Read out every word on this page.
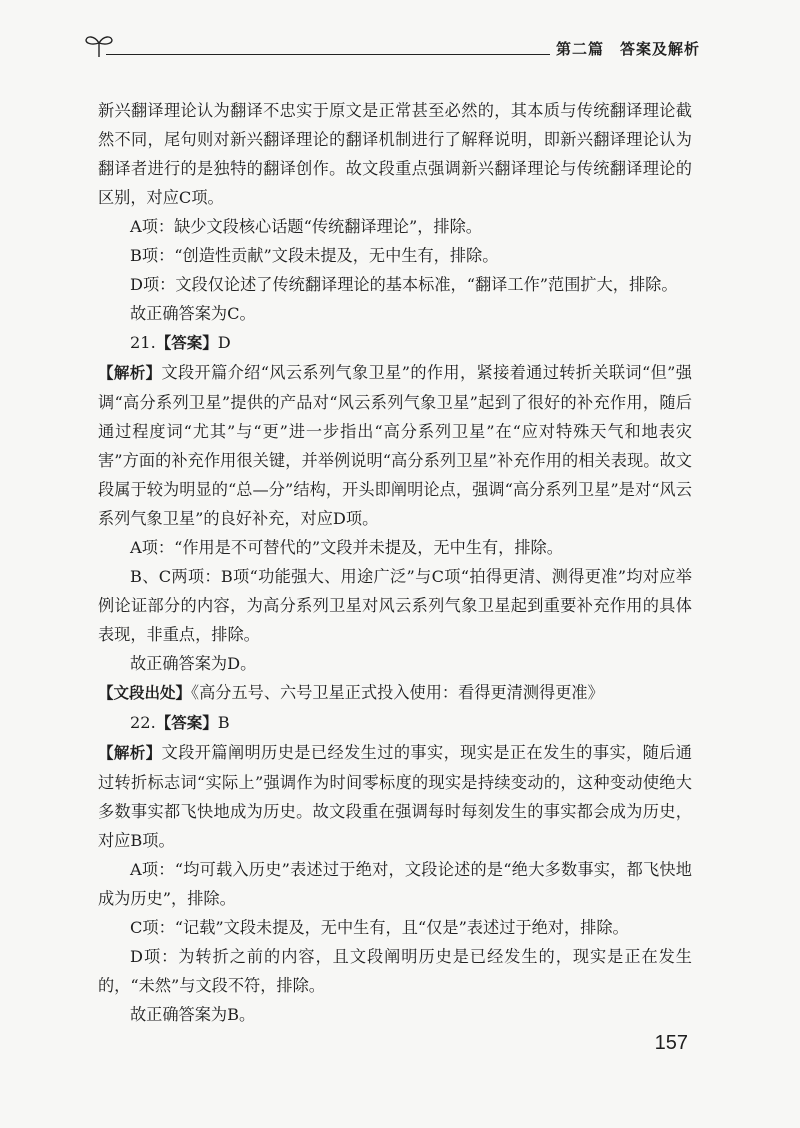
第二篇　答案及解析

新兴翻译理论认为翻译不忠实于原文是正常甚至必然的，其本质与传统翻译理论截然不同，尾句则对新兴翻译理论的翻译机制进行了解释说明，即新兴翻译理论认为翻译者进行的是独特的翻译创作。故文段重点强调新兴翻译理论与传统翻译理论的区别，对应C项。

A项：缺少文段核心话题“传统翻译理论”，排除。

B项：“创造性贡献”文段未提及，无中生有，排除。

D项：文段仅论述了传统翻译理论的基本标准，“翻译工作”范围扩大，排除。

故正确答案为C。

21.【答案】D

【解析】文段开篇介绍“风云系列气象卫星”的作用，紧接着通过转折关联词“但”强调“高分系列卫星”提供的产品对“风云系列气象卫星”起到了很好的补充作用，随后通过程度词“尤其”与“更”进一步指出“高分系列卫星”在“应对特殊天气和地表灾害”方面的补充作用很关键，并举例说明“高分系列卫星”补充作用的相关表现。故文段属于较为明显的“总—分”结构，开头即阐明论点，强调“高分系列卫星”是对“风云系列气象卫星”的良好补充，对应D项。

A项：“作用是不可替代的”文段并未提及，无中生有，排除。

B、C两项：B项“功能强大、用途广泛”与C项“拍得更清、测得更准”均对应举例论证部分的内容，为高分系列卫星对风云系列气象卫星起到重要补充作用的具体表现，非重点，排除。

故正确答案为D。

【文段出处】《高分五号、六号卫星正式投入使用：看得更清测得更准》

22.【答案】B

【解析】文段开篇阐明历史是已经发生过的事实，现实是正在发生的事实，随后通过转折标志词“实际上”强调作为时间零标度的现实是持续变动的，这种变动使绝大多数事实都飞快地成为历史。故文段重在强调每时每刻发生的事实都会成为历史，对应B项。

A项：“均可载入历史”表述过于绝对，文段论述的是“绝大多数事实，都飞快地成为历史”，排除。

C项：“记载”文段未提及，无中生有，且“仅是”表述过于绝对，排除。

D项：为转折之前的内容，且文段阐明历史是已经发生的，现实是正在发生的，“未然”与文段不符，排除。

故正确答案为B。

157
